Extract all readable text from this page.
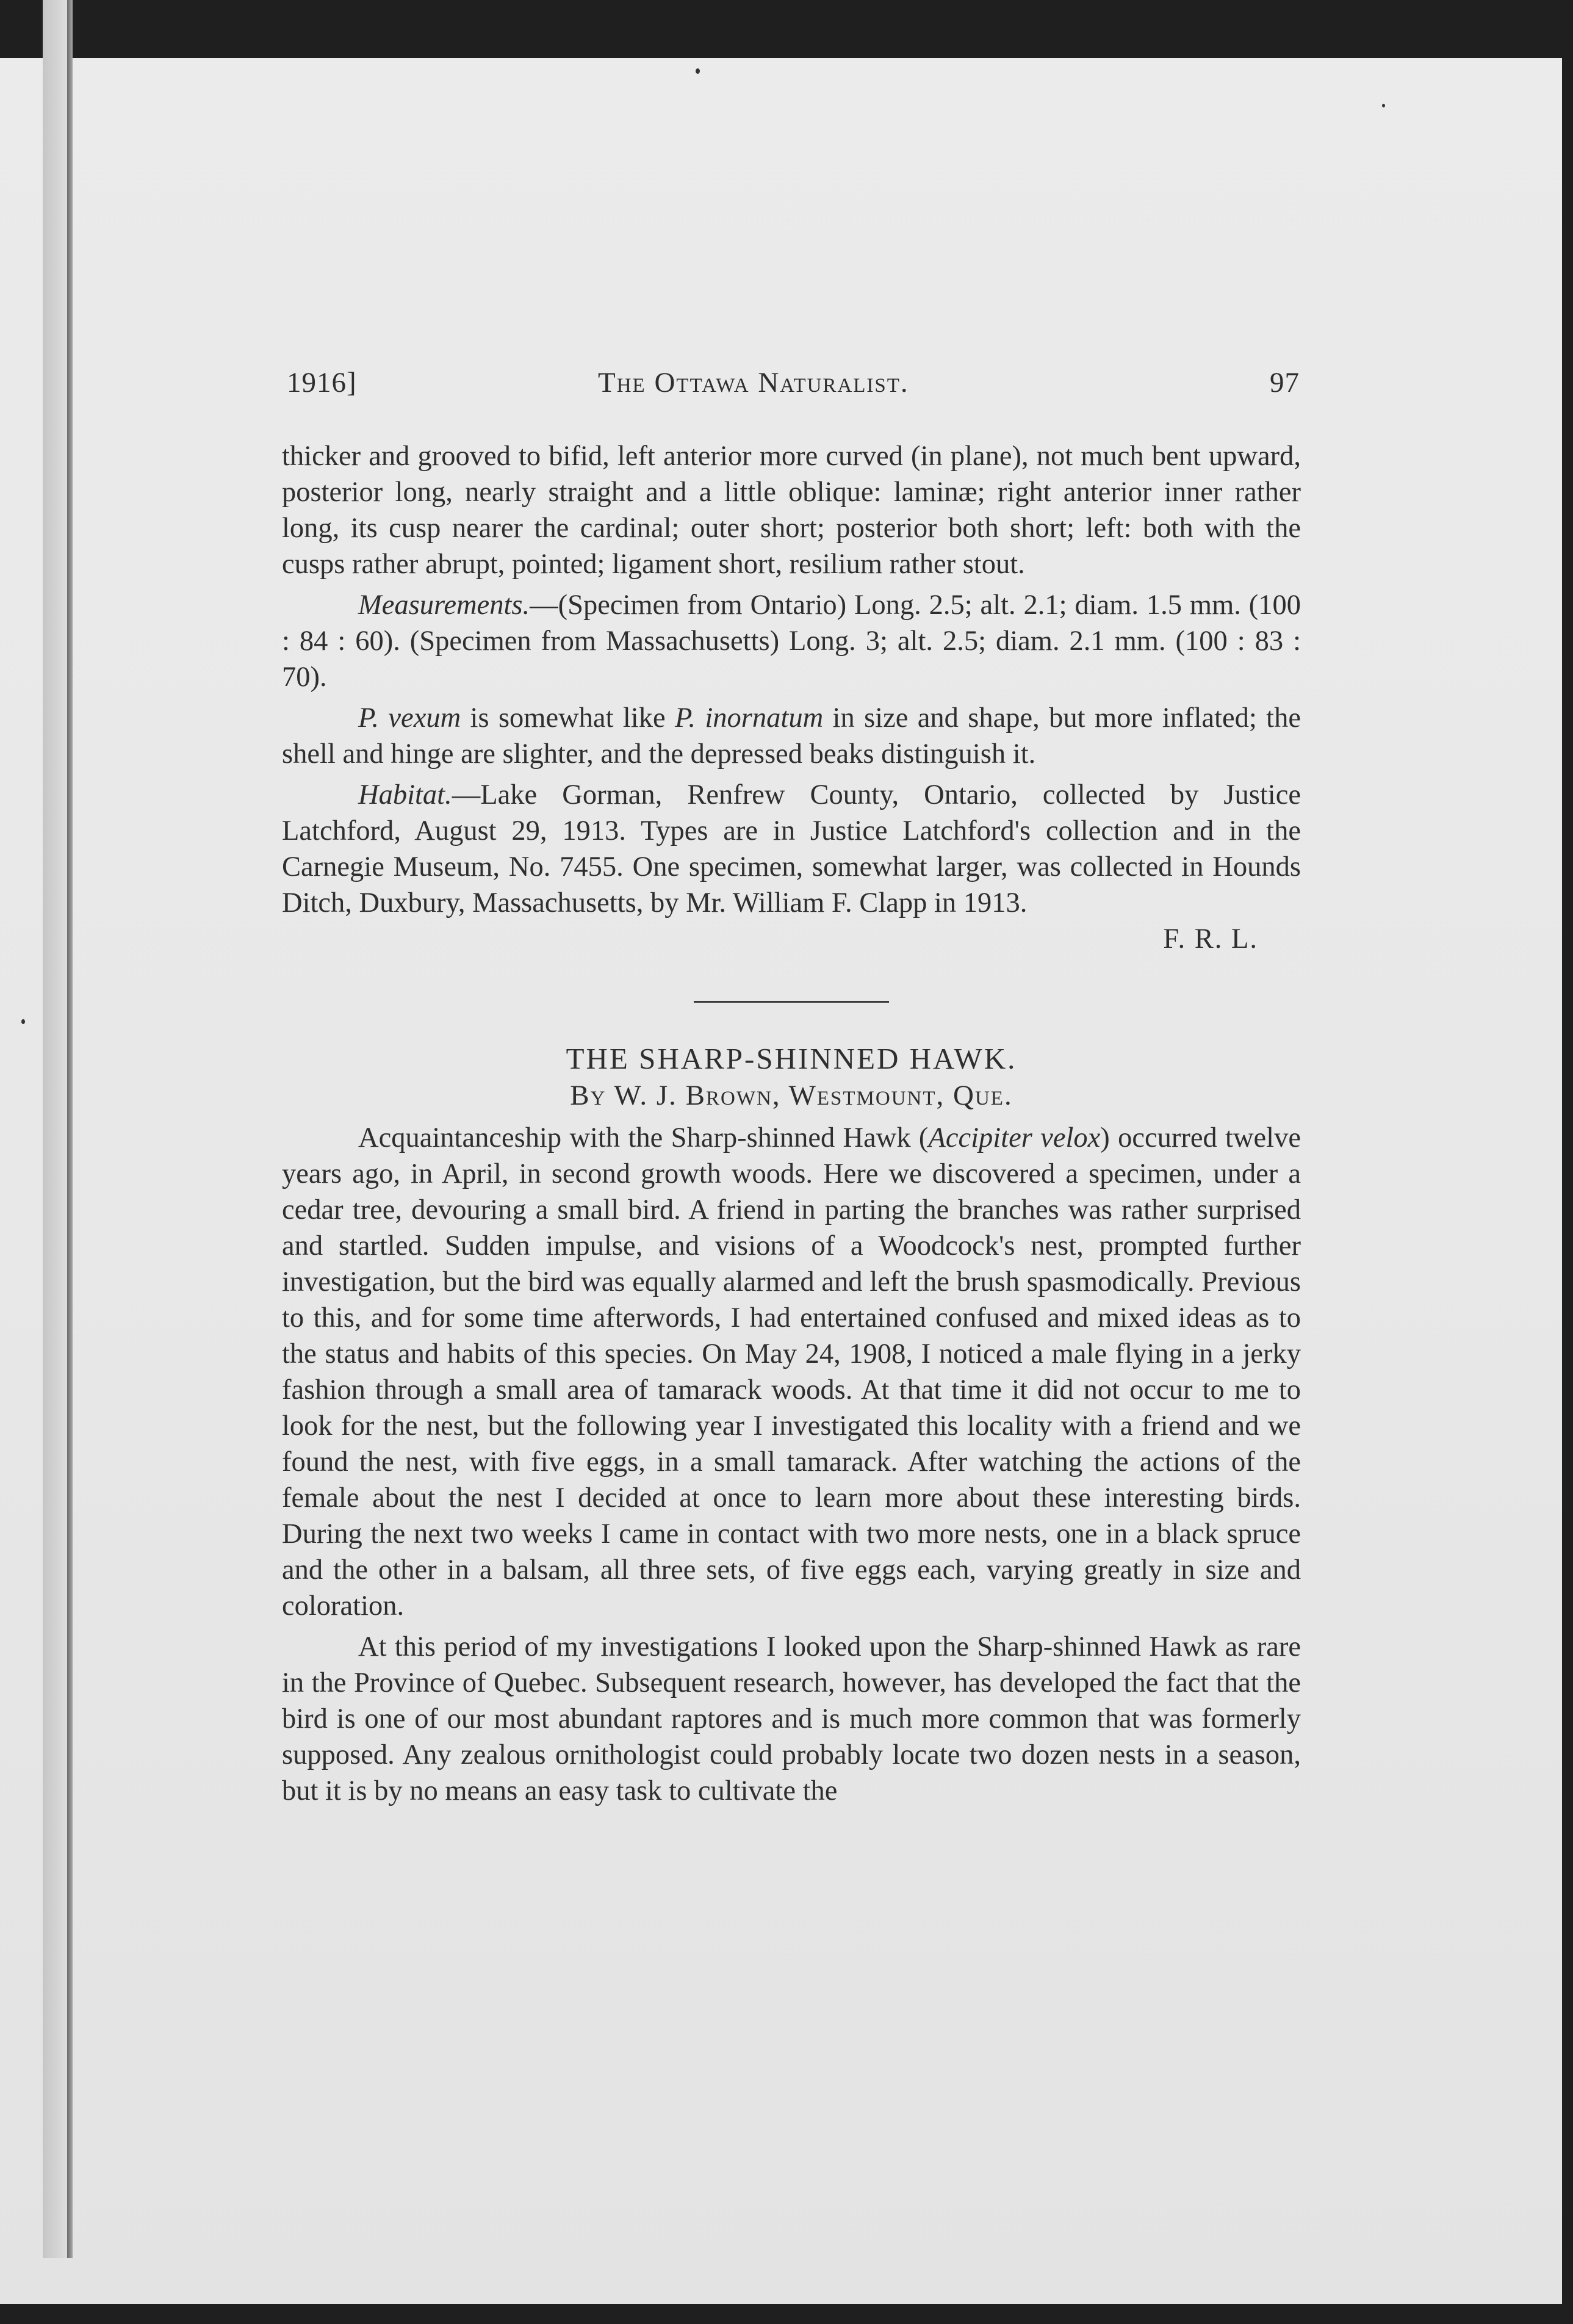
1916]	The Ottawa Naturalist.	97

thicker and grooved to bifid, left anterior more curved (in plane), not much bent upward, posterior long, nearly straight and a little oblique: laminæ; right anterior inner rather long, its cusp nearer the cardinal; outer short; posterior both short; left: both with the cusps rather abrupt, pointed; ligament short, resilium rather stout.

Measurements.—(Specimen from Ontario) Long. 2.5; alt. 2.1; diam. 1.5 mm. (100 : 84 : 60). (Specimen from Massachusetts) Long. 3; alt. 2.5; diam. 2.1 mm. (100 : 83 : 70).

P. vexum is somewhat like P. inornatum in size and shape, but more inflated; the shell and hinge are slighter, and the depressed beaks distinguish it.

Habitat.—Lake Gorman, Renfrew County, Ontario, collected by Justice Latchford, August 29, 1913. Types are in Justice Latchford's collection and in the Carnegie Museum, No. 7455. One specimen, somewhat larger, was collected in Hounds Ditch, Duxbury, Massachusetts, by Mr. William F. Clapp in 1913.

F. R. L.
THE SHARP-SHINNED HAWK.
By W. J. Brown, Westmount, Que.

Acquaintanceship with the Sharp-shinned Hawk (Accipiter velox) occurred twelve years ago, in April, in second growth woods. Here we discovered a specimen, under a cedar tree, devouring a small bird. A friend in parting the branches was rather surprised and startled. Sudden impulse, and visions of a Woodcock's nest, prompted further investigation, but the bird was equally alarmed and left the brush spasmodically. Previous to this, and for some time afterwords, I had entertained confused and mixed ideas as to the status and habits of this species. On May 24, 1908, I noticed a male flying in a jerky fashion through a small area of tamarack woods. At that time it did not occur to me to look for the nest, but the following year I investigated this locality with a friend and we found the nest, with five eggs, in a small tamarack. After watching the actions of the female about the nest I decided at once to learn more about these interesting birds. During the next two weeks I came in contact with two more nests, one in a black spruce and the other in a balsam, all three sets, of five eggs each, varying greatly in size and coloration.

At this period of my investigations I looked upon the Sharp-shinned Hawk as rare in the Province of Quebec. Subsequent research, however, has developed the fact that the bird is one of our most abundant raptores and is much more common that was formerly supposed. Any zealous ornithologist could probably locate two dozen nests in a season, but it is by no means an easy task to cultivate the
